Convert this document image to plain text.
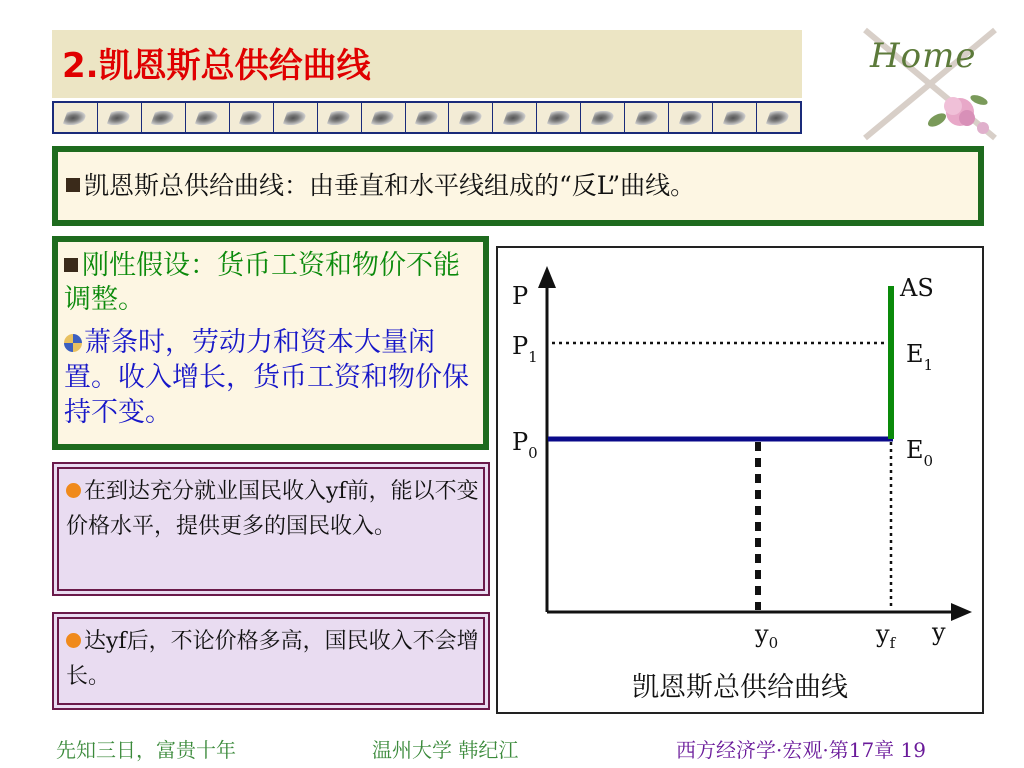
2.凯恩斯总供给曲线	Home
凯恩斯总供给曲线：由垂直和水平线组成的“反L”曲线。
刚性假设：货币工资和物价不能调整。
萧条时，劳动力和资本大量闲置。收入增长，货币工资和物价保持不变。
在到达充分就业国民收入yf前，能以不变价格水平，提供更多的国民收入。
达yf后，不论价格多高，国民收入不会增长。
P	AS
$P_1$
$P_0$
$E_1$
$E_0$
$y_0$	$y_f$ y
凯恩斯总供给曲线
先知三日，富贵十年	温州大学 韩纪江	西方经济学·宏观·第17章 19
